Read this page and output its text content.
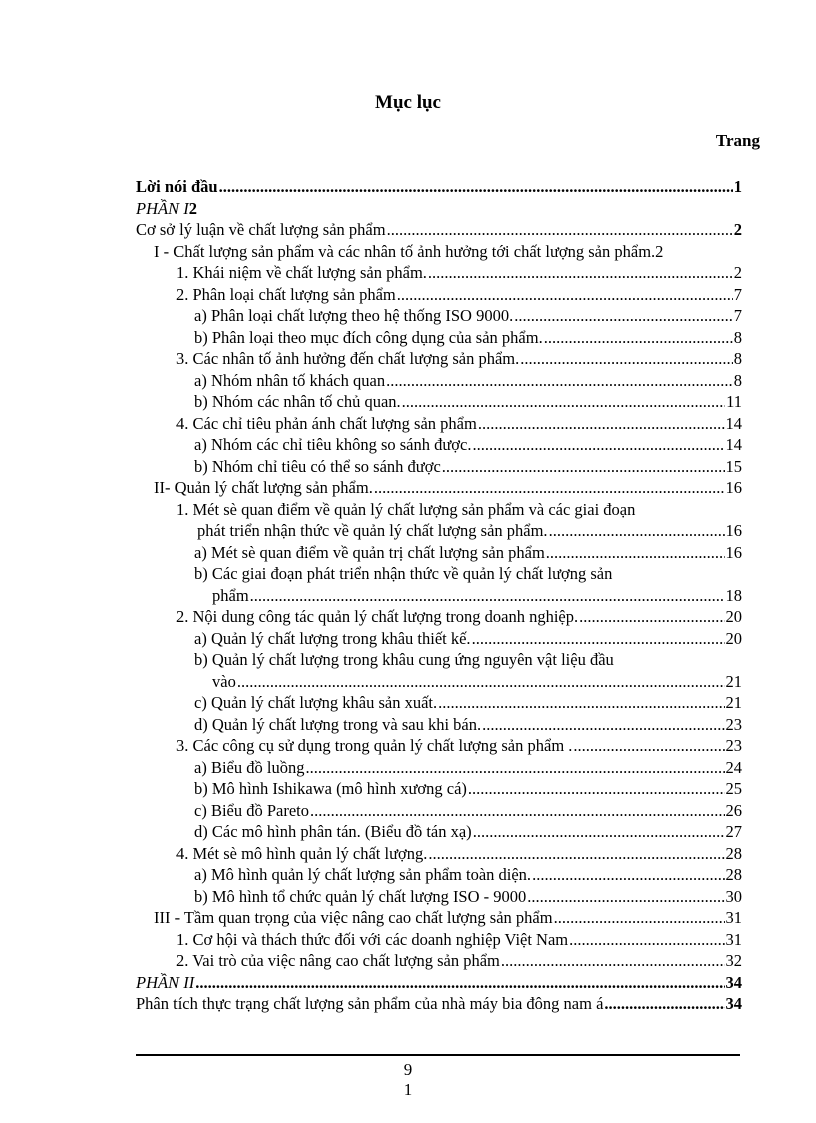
Mục lục
Trang
Lời nói đầu .....	1
PHẦN I 2
Cơ sở lý luận về chất lượng sản phẩm .....	2
I - Chất lượng sản phẩm và các nhân tố ảnh hưởng tới chất lượng sản phẩm. 2
1. Khái niệm về chất lượng sản phẩm. .....	2
2. Phân loại chất lượng sản phẩm .....	7
a) Phân loại chất lượng theo hệ thống ISO 9000. .....	7
b) Phân loại theo mục đích công dụng của sản phẩm. .....	8
3. Các nhân tố ảnh hưởng đến chất lượng sản phẩm. .....	8
a) Nhóm nhân tố khách quan .....	8
b) Nhóm các nhân tố chủ quan. .....	11
4. Các chỉ tiêu phản ánh chất lượng sản phẩm .....	14
a) Nhóm các chỉ tiêu không so sánh được. .....	14
b) Nhóm chỉ tiêu có thể so sánh được .....	15
II- Quản lý chất lượng sản phẩm. .....	16
1. Mét sè quan điểm về quản lý chất lượng sản phẩm và các giai đoạn
phát triển nhận thức về quản lý chất lượng sản phẩm. .....	16
a) Mét sè quan điểm về quản trị chất lượng sản phẩm .....	16
b) Các giai đoạn phát triển nhận thức về quản lý chất lượng sản
phẩm .....	18
2. Nội dung công tác quản lý chất lượng trong doanh nghiệp. .....	20
a) Quản lý chất lượng trong khâu thiết kế. .....	20
b) Quản lý chất lượng trong khâu cung ứng nguyên vật liệu đầu
vào .....	21
c) Quản lý chất lượng khâu sản xuất. .....	21
d) Quản lý chất lượng trong và sau khi bán. .....	23
3. Các công cụ sử dụng trong quản lý chất lượng sản phẩm . .....	23
a) Biểu đồ luồng .....	24
b) Mô hình Ishikawa (mô hình xương cá) .....	25
c) Biểu đồ Pareto .....	26
d) Các mô hình phân tán. (Biểu đồ tán xạ) .....	27
4. Mét sè mô hình quản lý chất lượng. .....	28
a) Mô hình quản lý chất lượng sản phẩm toàn diện. .....	28
b) Mô hình tổ chức quản lý chất lượng ISO - 9000 .....	30
III - Tầm quan trọng của việc nâng cao chất lượng sản phẩm .....	31
1. Cơ hội và thách thức đối với các doanh nghiệp Việt Nam .....	31
2. Vai trò của việc nâng cao chất lượng sản phẩm .....	32
PHẦN II .....	34
Phân tích thực trạng chất lượng sản phẩm của nhà máy bia đông nam á .....	34
9
1
